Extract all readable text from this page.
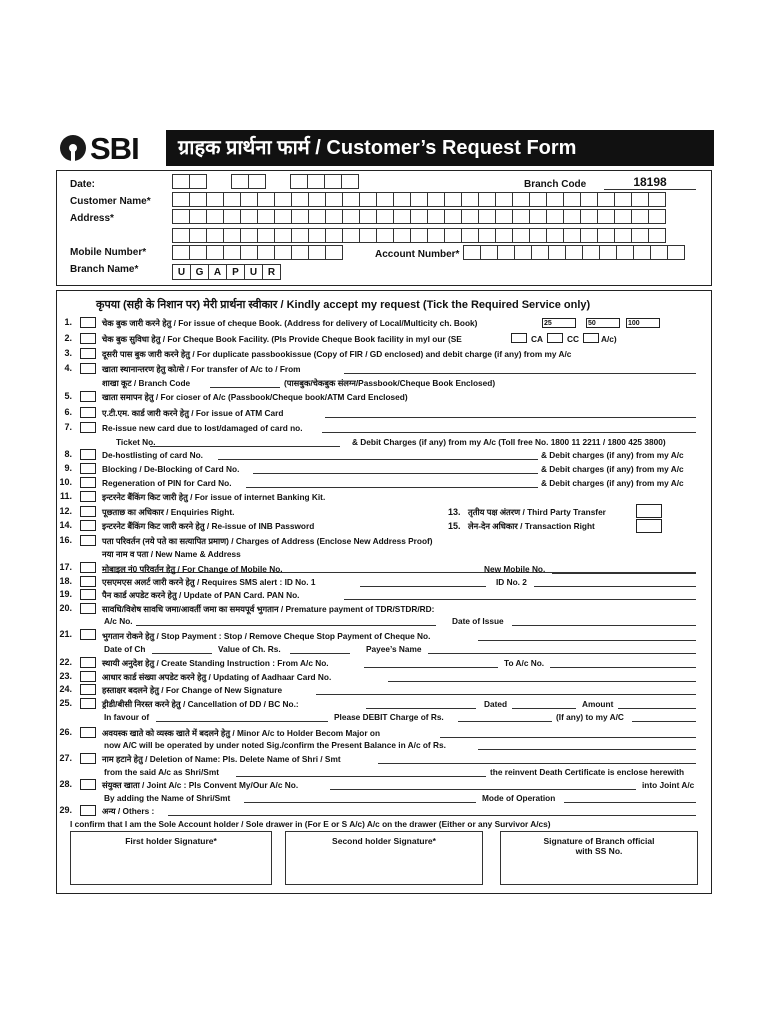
SBI	ग्राहक प्रार्थना फार्म / Customer’s Request Form
Date:	Branch Code	18198
Customer Name*
Address*
Mobile Number*	Account Number*
Branch Name*	U	G	A	P	U	R
कृपया (सही के निशान पर) मेरी प्रार्थना स्वीकार / Kindly accept my request (Tick the Required Service only)
1.	चेक बुक जारी करने हेतु / For issue of cheque Book. (Address for delivery of Local/Multicity ch. Book)	25	50	100
2.	चेक बुक सुविधा हेतु / For Cheque Book Facility. (Pls Provide Cheque Book facility in myl our (SE	CA	CC	A/c)
3.	दूसरी पास बुक जारी करने हेतु / For duplicate passbookissue (Copy of FIR / GD enclosed) and debit charge (if any) from my A/c
4.	खाता स्थानान्तरण हेतु को/से / For transfer of A/c to / From
शाखा कूट / Branch Code	(पासबुक/चेकबुक संलग्न/Passbook/Cheque Book Enclosed)
5.	खाता समापन हेतु / For cioser of A/c (Passbook/Cheque book/ATM Card Enclosed)
6.	ए.टी.एम. कार्ड जारी करने हेतु / For issue of ATM Card
7.	Re-issue new card due to lost/damaged of card no.
Ticket No.	& Debit Charges (if any) from my A/c (Toll free No. 1800 11 2211 / 1800 425 3800)
8.	De-hostlisting of card No.	& Debit charges (if any) from my A/c
9.	Blocking / De-Blocking of Card No.	& Debit charges (if any) from my A/c
10.	Regeneration of PIN for Card No.	& Debit charges (if any) from my A/c
11.	इन्टरनेट बैंकिंग किट जारी हेतु / For issue of internet Banking Kit.
12.	पूछताछ का अधिकार / Enquiries Right.	13. तृतीय पक्ष अंतरण / Third Party Transfer
14.	इन्टरनेट बैंकिंग किट जारी करने हेतु / Re-issue of INB Password	15. लेन-देन अधिकार / Transaction Right
16.	पता परिवर्तन (नये पते का सत्यापित प्रमाण) / Charges of Address (Enclose New Address Proof)
नया नाम व पता / New Name & Address
17.	मोबाइल नं0 परिवर्तन हेतु / For Change of Mobile No.	New Mobile No.
18.	एसएमएस अलर्ट जारी करने हेतु / Requires SMS alert : ID No. 1	ID No. 2
19.	पैन कार्ड अपडेट करने हेतु / Update of PAN Card. PAN No.
20.	सावधि/विशेष सावधि जमा/आवर्ती जमा का समयपूर्व भुगतान / Premature payment of TDR/STDR/RD:
A/c No.	Date of Issue
21.	भुगतान रोकने हेतु / Stop Payment : Stop / Remove Cheque Stop Payment of Cheque No.
Date of Ch	Value of Ch. Rs.	Payee’s Name
22.	स्थायी अनुदेश हेतु / Create Standing Instruction : From A/c No.	To A/c No.
23.	आधार कार्ड संख्या अपडेट करने हेतु / Updating of Aadhaar Card No.
24.	हस्ताक्षर बदलने हेतु / For Change of New Signature
25.	ड्रीडी/बीसी निरस्त करने हेतु / Cancellation of DD / BC No.:	Dated	Amount
In favour of	Please DEBIT Charge of Rs.	(If any) to my A/C
26.	अवयस्क खाते को व्यस्क खाते में बदलने हेतु / Minor A/c to Holder Becom Major on
now A/C will be operated by under noted Sig./confirm the Present Balance in A/c of Rs.
27.	नाम हटाने हेतु / Deletion of Name: Pls. Delete Name of Shri / Smt
from the said A/c as Shri/Smt	the reinvent Death Certificate is enclose herewith
28.	संयुक्त खाता / Joint A/c : Pls Convent My/Our A/c No.	into Joint A/c
By adding the Name of Shri/Smt	Mode of Operation
29.	अन्य / Others :
I confirm that I am the Sole Account holder / Sole drawer in (For E or S A/c) A/c on the drawer (Either or any Survivor A/cs)
First holder Signature*	Second holder Signature*	Signature of Branch official
with SS No.
